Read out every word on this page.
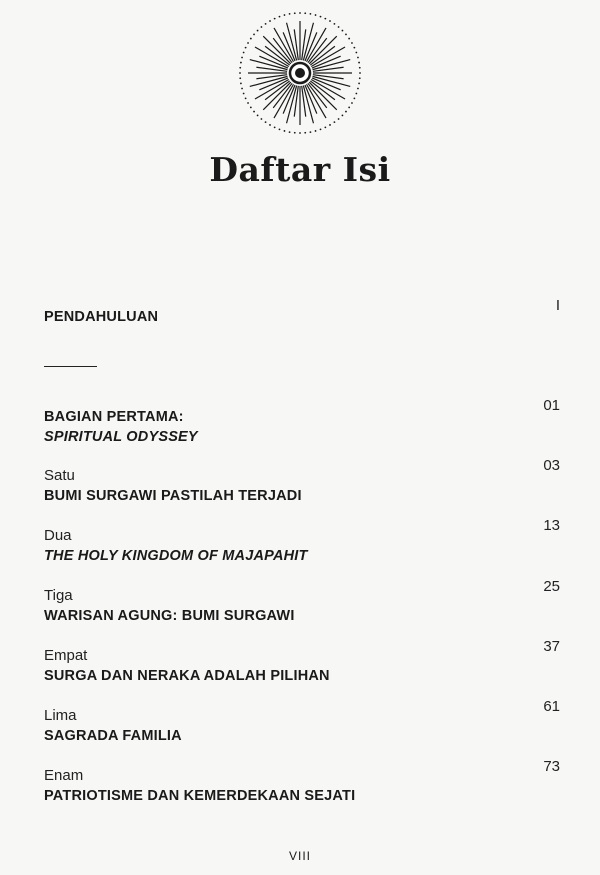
Daftar Isi
PENDAHULUAN
I
BAGIAN PERTAMA:
SPIRITUAL ODYSSEY
01
Satu
BUMI SURGAWI PASTILAH TERJADI
03
Dua
THE HOLY KINGDOM OF MAJAPAHIT
13
Tiga
WARISAN AGUNG: BUMI SURGAWI
25
Empat
SURGA DAN NERAKA ADALAH PILIHAN
37
Lima
SAGRADA FAMILIA
61
Enam
PATRIOTISME DAN KEMERDEKAAN SEJATI
73
VIII
